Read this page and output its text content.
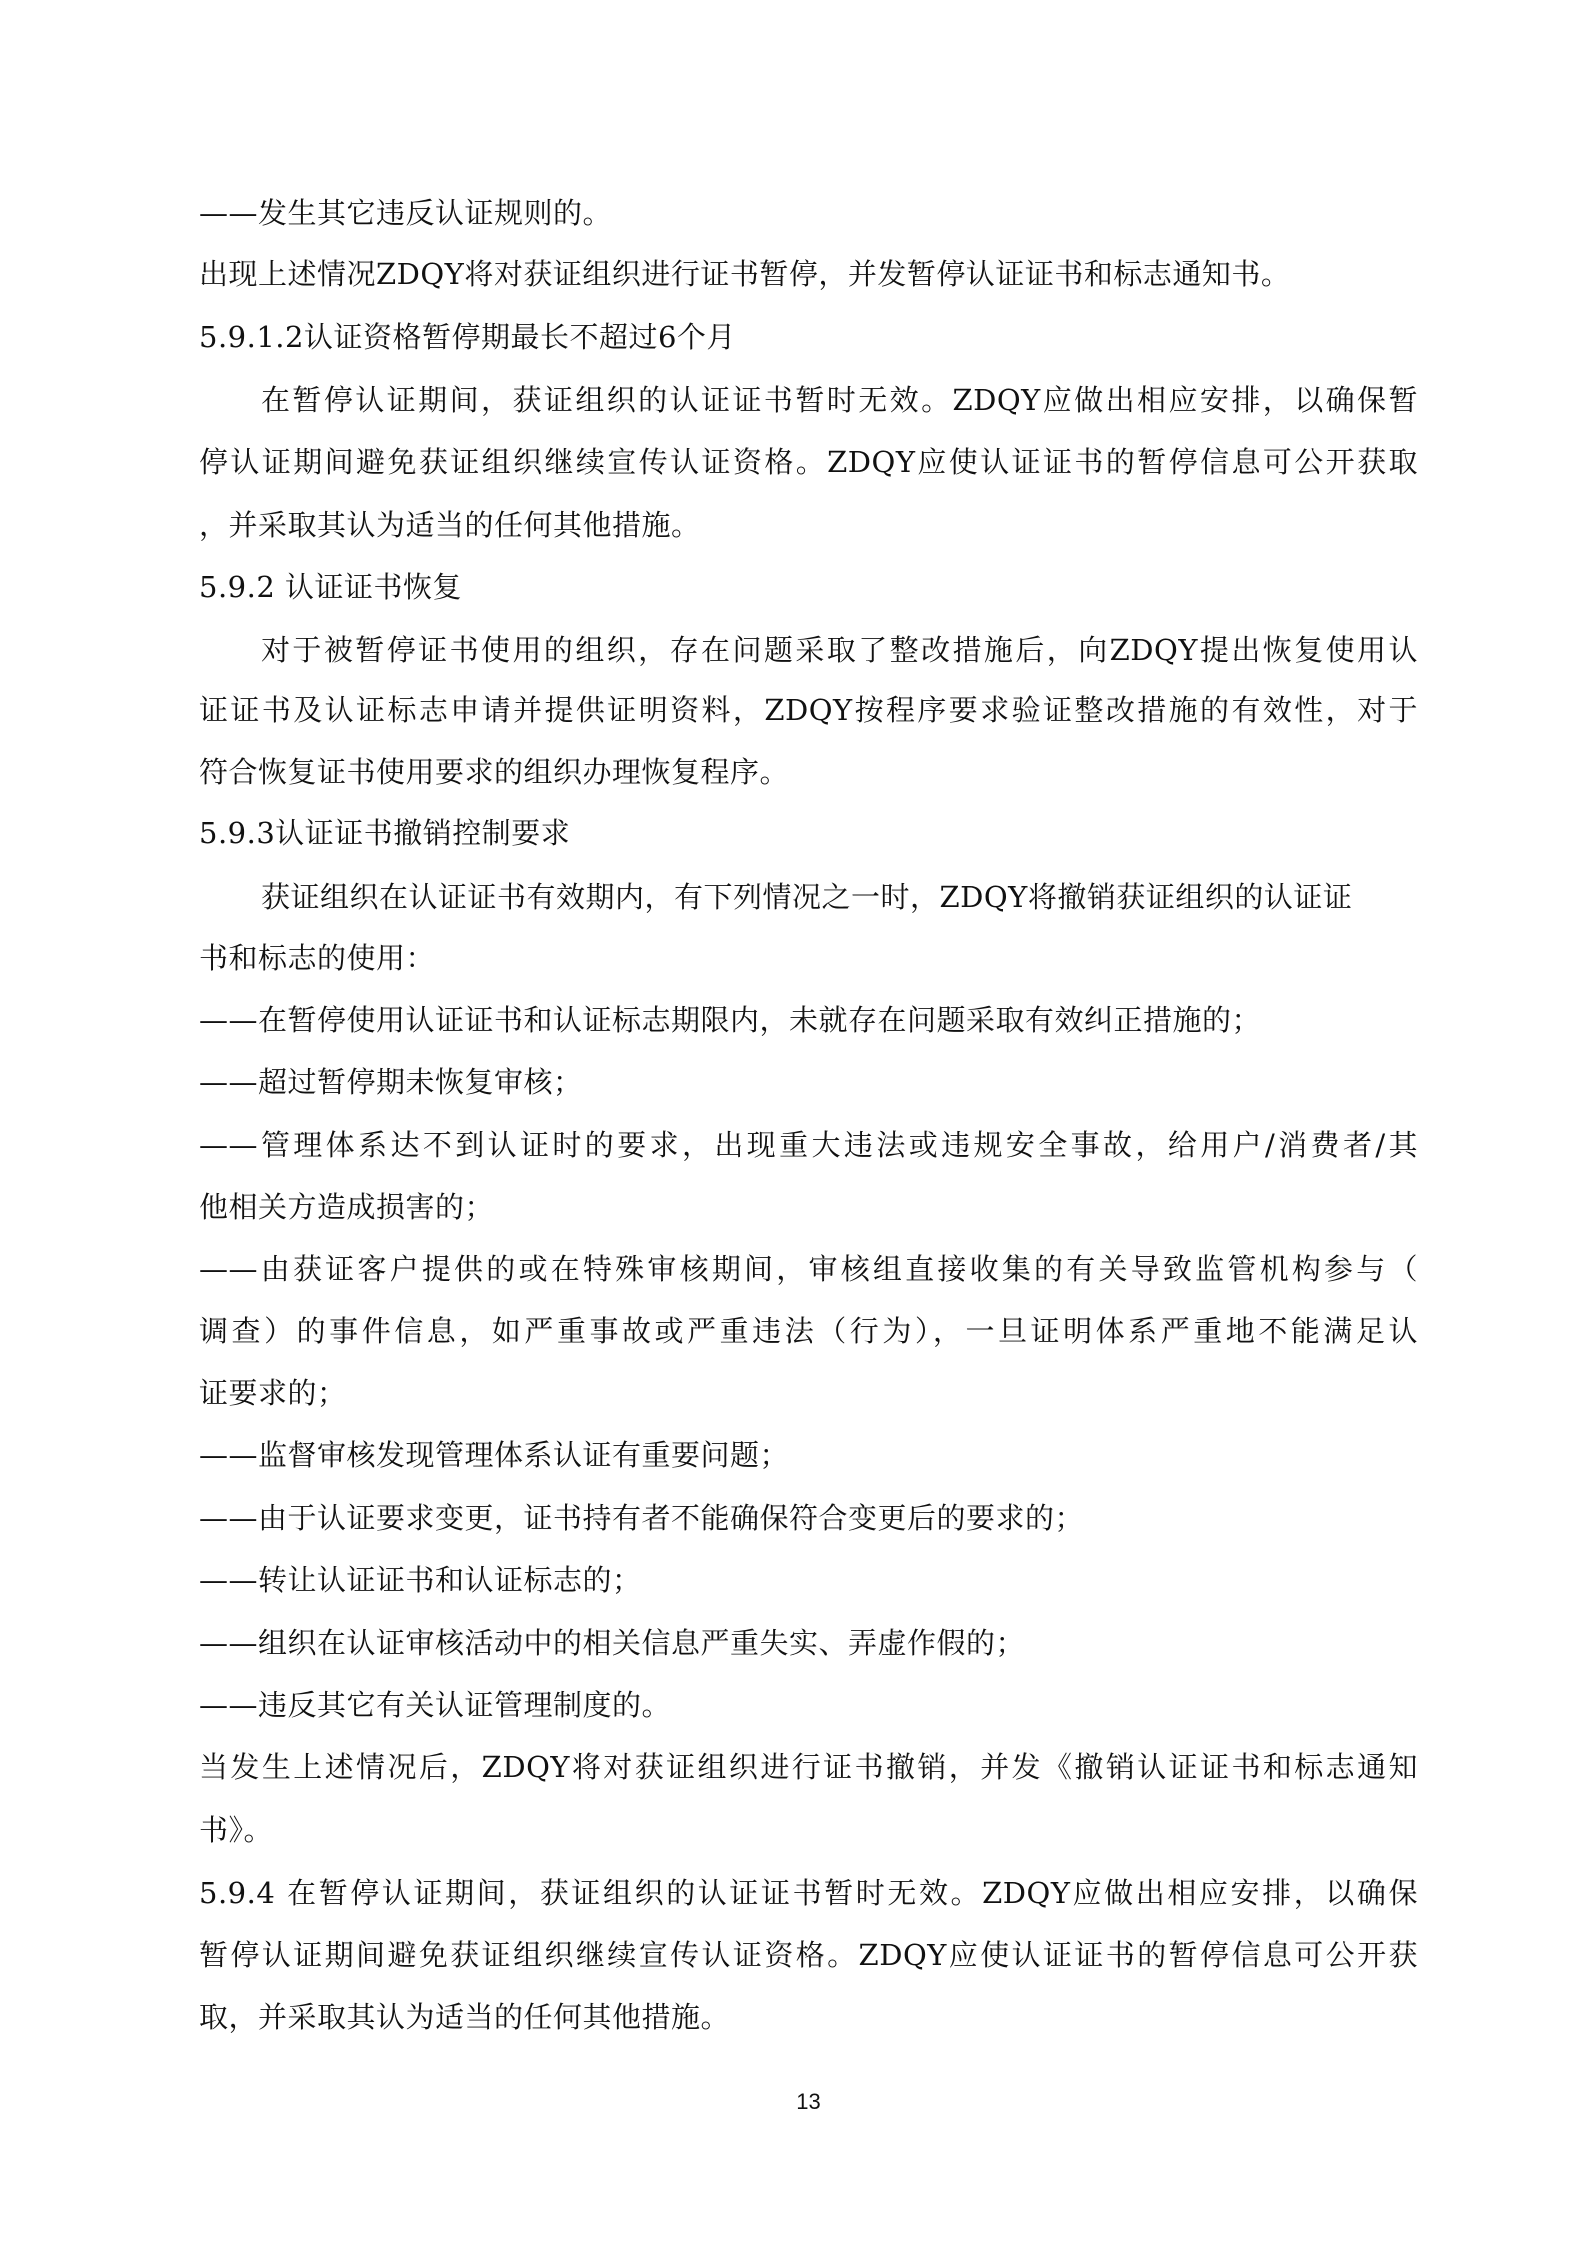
——发生其它违反认证规则的。
出现上述情况ZDQY将对获证组织进行证书暂停，并发暂停认证证书和标志通知书。
5.9.1.2认证资格暂停期最长不超过6个月
在暂停认证期间，获证组织的认证证书暂时无效。ZDQY应做出相应安排，以确保暂
停认证期间避免获证组织继续宣传认证资格。ZDQY应使认证证书的暂停信息可公开获取
，并采取其认为适当的任何其他措施。
5.9.2 认证证书恢复
对于被暂停证书使用的组织，存在问题采取了整改措施后，向ZDQY提出恢复使用认
证证书及认证标志申请并提供证明资料，ZDQY按程序要求验证整改措施的有效性，对于
符合恢复证书使用要求的组织办理恢复程序。
5.9.3认证证书撤销控制要求
获证组织在认证证书有效期内，有下列情况之一时，ZDQY将撤销获证组织的认证证
书和标志的使用：
——在暂停使用认证证书和认证标志期限内，未就存在问题采取有效纠正措施的；
——超过暂停期未恢复审核；
——管理体系达不到认证时的要求，出现重大违法或违规安全事故，给用户/消费者/其
他相关方造成损害的；
——由获证客户提供的或在特殊审核期间，审核组直接收集的有关导致监管机构参与（
调查）的事件信息，如严重事故或严重违法（行为），一旦证明体系严重地不能满足认
证要求的；
——监督审核发现管理体系认证有重要问题；
——由于认证要求变更，证书持有者不能确保符合变更后的要求的；
——转让认证证书和认证标志的；
——组织在认证审核活动中的相关信息严重失实、弄虚作假的；
——违反其它有关认证管理制度的。
当发生上述情况后，ZDQY将对获证组织进行证书撤销，并发《撤销认证证书和标志通知
书》。
5.9.4 在暂停认证期间，获证组织的认证证书暂时无效。ZDQY应做出相应安排，以确保
暂停认证期间避免获证组织继续宣传认证资格。ZDQY应使认证证书的暂停信息可公开获
取，并采取其认为适当的任何其他措施。
13
